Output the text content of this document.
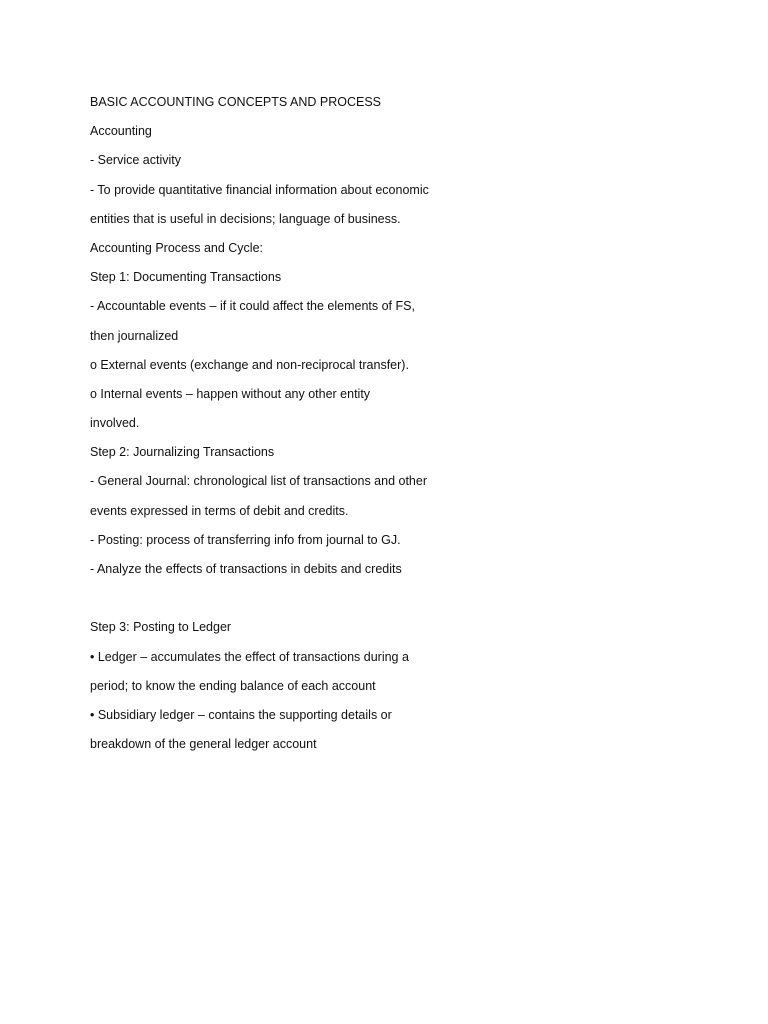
BASIC ACCOUNTING CONCEPTS AND PROCESS
Accounting
- Service activity
- To provide quantitative financial information about economic
entities that is useful in decisions; language of business.
Accounting Process and Cycle:
Step 1: Documenting Transactions
- Accountable events – if it could affect the elements of FS,
then journalized
o External events (exchange and non-reciprocal transfer).
o Internal events – happen without any other entity
involved.
Step 2: Journalizing Transactions
- General Journal: chronological list of transactions and other
events expressed in terms of debit and credits.
- Posting: process of transferring info from journal to GJ.
- Analyze the effects of transactions in debits and credits
Step 3: Posting to Ledger
• Ledger – accumulates the effect of transactions during a
period; to know the ending balance of each account
• Subsidiary ledger – contains the supporting details or
breakdown of the general ledger account
